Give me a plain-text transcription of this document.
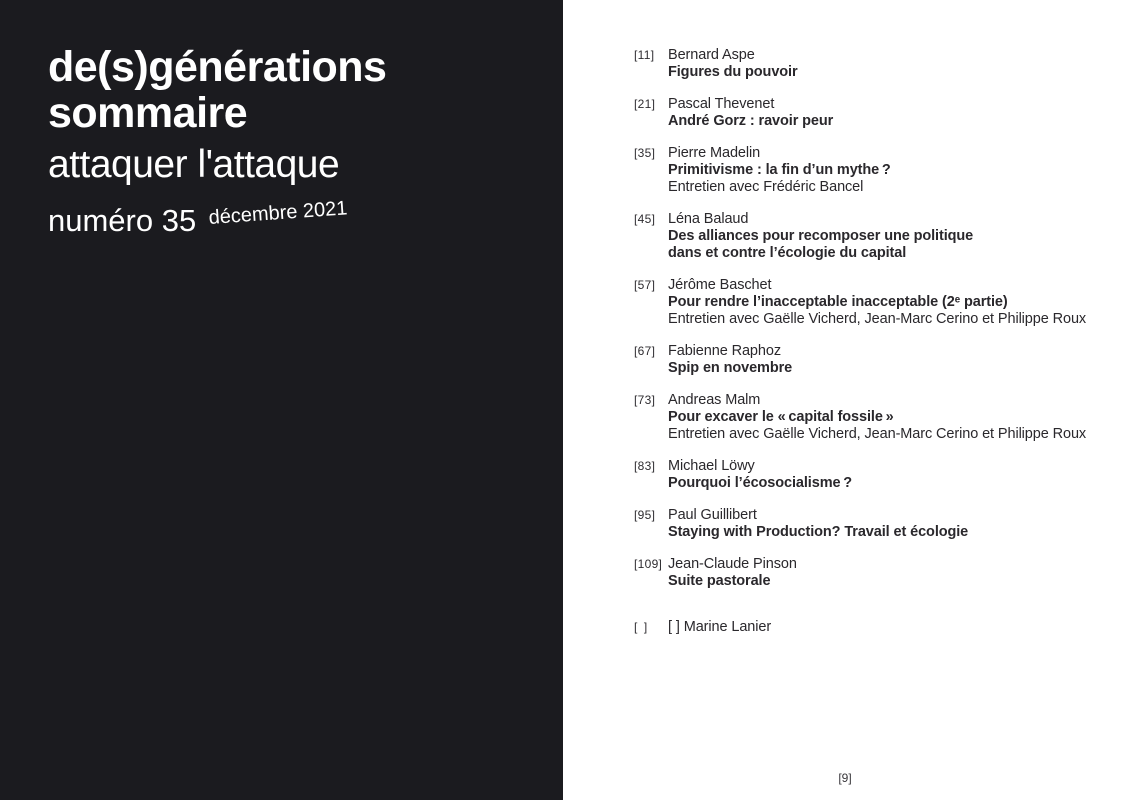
de(s)générations
sommaire
attaquer l'attaque
numéro 35 décembre 2021
[11] Bernard Aspe
Figures du pouvoir
[21] Pascal Thevenet
André Gorz : ravoir peur
[35] Pierre Madelin
Primitivisme : la fin d’un mythe ?
Entretien avec Frédéric Bancel
[45] Léna Balaud
Des alliances pour recomposer une politique
dans et contre l’écologie du capital
[57] Jérôme Baschet
Pour rendre l’inacceptable inacceptable (2ᵉ partie)
Entretien avec Gaëlle Vicherd, Jean-Marc Cerino et Philippe Roux
[67] Fabienne Raphoz
Spip en novembre
[73] Andreas Malm
Pour excaver le « capital fossile »
Entretien avec Gaëlle Vicherd, Jean-Marc Cerino et Philippe Roux
[83] Michael Löwy
Pourquoi l’écosocialisme ?
[95] Paul Guillibert
Staying with Production? Travail et écologie
[109] Jean-Claude Pinson
Suite pastorale
[ ]	[ ] Marine Lanier
[9]
